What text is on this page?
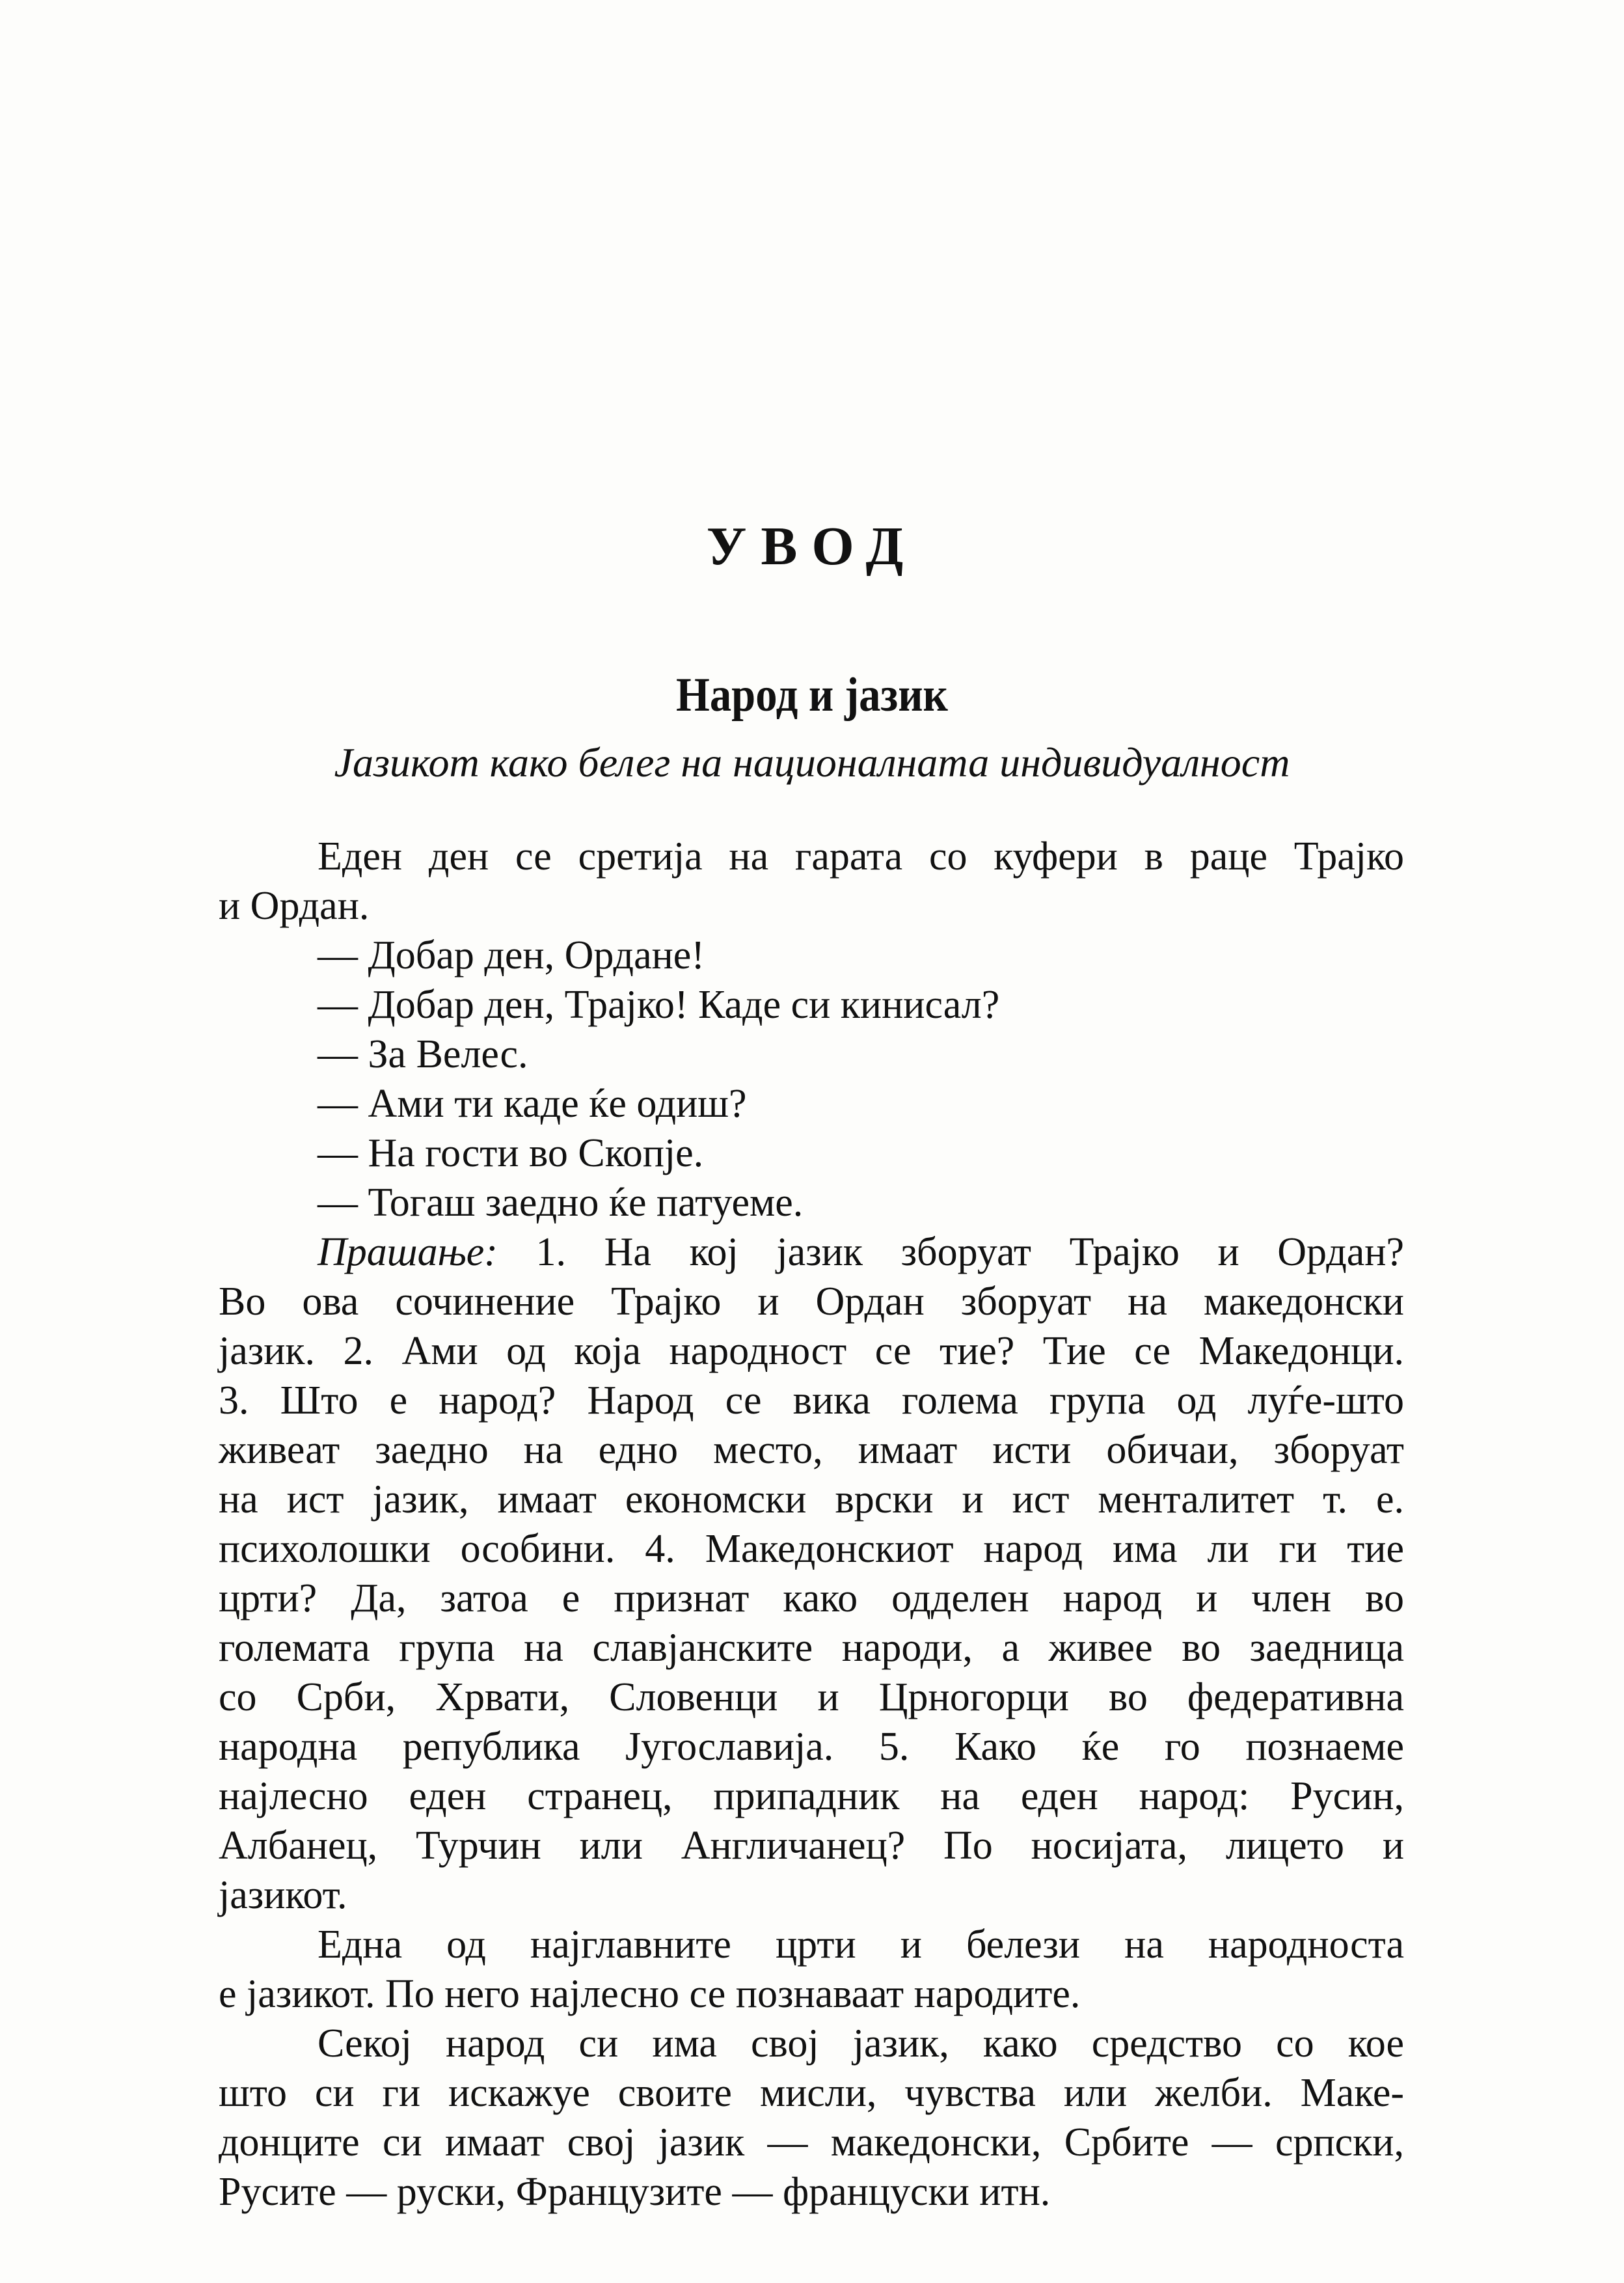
УВОД
Народ и јазик
Јазикот како белег на националната индивидуалност
Еден ден се сретија на гарата со куфери в раце Трајко
и Ордан.
— Добар ден, Ордане!
— Добар ден, Трајко! Каде си кинисал?
— За Велес.
— Ами ти каде ќе одиш?
— На гости во Скопје.
— Тогаш заедно ќе патуеме.
Прашање: 1. На кој јазик зборуат Трајко и Ордан?
Во ова сочинение Трајко и Ордан зборуат на македонски
јазик. 2. Ами од која народност се тие? Тие се Македонци.
3. Што е народ? Народ се вика голема група од луѓе-што
живеат заедно на едно место, имаат исти обичаи, зборуат
на ист јазик, имаат економски врски и ист менталитет т. е.
психолошки особини. 4. Македонскиот народ има ли ги тие
црти? Да, затоа е признат како одделен народ и член во
големата група на славјанските народи, а живее во заедница
со Срби, Хрвати, Словенци и Црногорци во федеративна
народна република Југославија. 5. Како ќе го познаеме
најлесно еден странец, припадник на еден народ: Русин,
Албанец, Турчин или Англичанец? По носијата, лицето и
јазикот.
Една од најглавните црти и белези на народноста
е јазикот. По него најлесно се познаваат народите.
Секој народ си има свој јазик, како средство со кое
што си ги искажуе своите мисли, чувства или желби. Маке-
донците си имаат свој јазик — македонски, Србите — српски,
Русите — руски, Французите — француски итн.
